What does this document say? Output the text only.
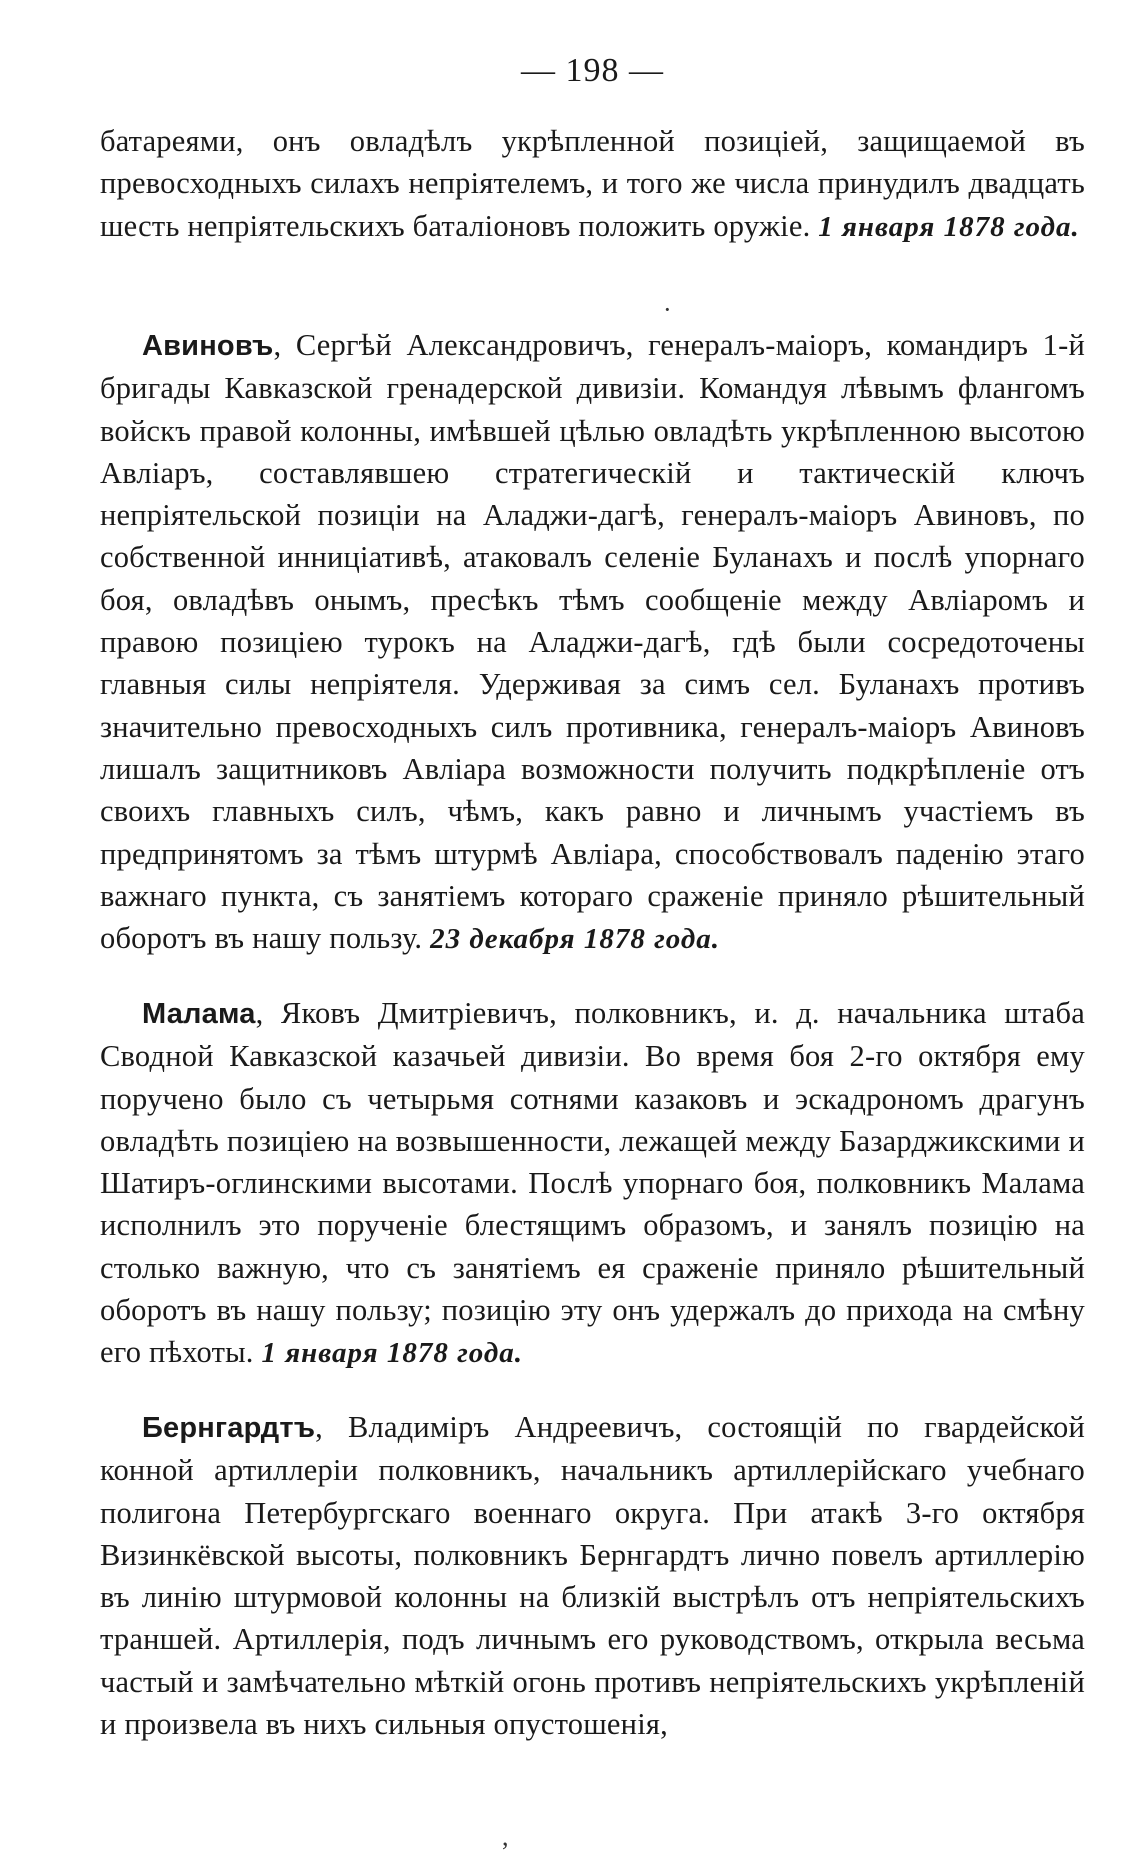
— 198 —

батареями, онъ овладѣлъ укрѣпленной позиціей, защищаемой въ превосходныхъ силахъ непріятелемъ, и того же числа принудилъ двадцать шесть непріятельскихъ баталіоновъ положить оружіе. 1 января 1878 года.

Авиновъ, Сергѣй Александровичъ, генералъ-маіоръ, командиръ 1-й бригады Кавказской гренадерской дивизіи. Командуя лѣвымъ флангомъ войскъ правой колонны, имѣвшей цѣлью овладѣть укрѣпленною высотою Авліаръ, составлявшею стратегическій и тактическій ключъ непріятельской позиціи на Аладжи-дагѣ, генералъ-маіоръ Авиновъ, по собственной инниціативѣ, атаковалъ селеніе Буланахъ и послѣ упорнаго боя, овладѣвъ онымъ, пресѣкъ тѣмъ сообщеніе между Авліаромъ и правою позиціею турокъ на Аладжи-дагѣ, гдѣ были сосредоточены главныя силы непріятеля. Удерживая за симъ сел. Буланахъ противъ значительно превосходныхъ силъ противника, генералъ-маіоръ Авиновъ лишалъ защитниковъ Авліара возможности получить подкрѣпленіе отъ своихъ главныхъ силъ, чѣмъ, какъ равно и личнымъ участіемъ въ предпринятомъ за тѣмъ штурмѣ Авліара, способствовалъ паденію этаго важнаго пункта, съ занятіемъ котораго сраженіе приняло рѣшительный оборотъ въ нашу пользу. 23 декабря 1878 года.

Малама, Яковъ Дмитріевичъ, полковникъ, и. д. начальника штаба Сводной Кавказской казачьей дивизіи. Во время боя 2-го октября ему поручено было съ четырьмя сотнями казаковъ и эскадрономъ драгунъ овладѣть позиціею на возвышенности, лежащей между Базарджикскими и Шатиръ-оглинскими высотами. Послѣ упорнаго боя, полковникъ Малама исполнилъ это порученіе блестящимъ образомъ, и занялъ позицію на столько важную, что съ занятіемъ ея сраженіе приняло рѣшительный оборотъ въ нашу пользу; позицію эту онъ удержалъ до прихода на смѣну его пѣхоты. 1 января 1878 года.

Бернгардтъ, Владиміръ Андреевичъ, состоящій по гвардейской конной артиллеріи полковникъ, начальникъ артиллерійскаго учебнаго полигона Петербургскаго военнаго округа. При атакѣ 3-го октября Визинкёвской высоты, полковникъ Бернгардтъ лично повелъ артиллерію въ линію штурмовой колонны на близкій выстрѣлъ отъ непріятельскихъ траншей. Артиллерія, подъ личнымъ его руководствомъ, открыла весьма частый и замѣчательно мѣткій огонь противъ непріятельскихъ укрѣпленій и произвела въ нихъ сильныя опустошенія,

·
,
